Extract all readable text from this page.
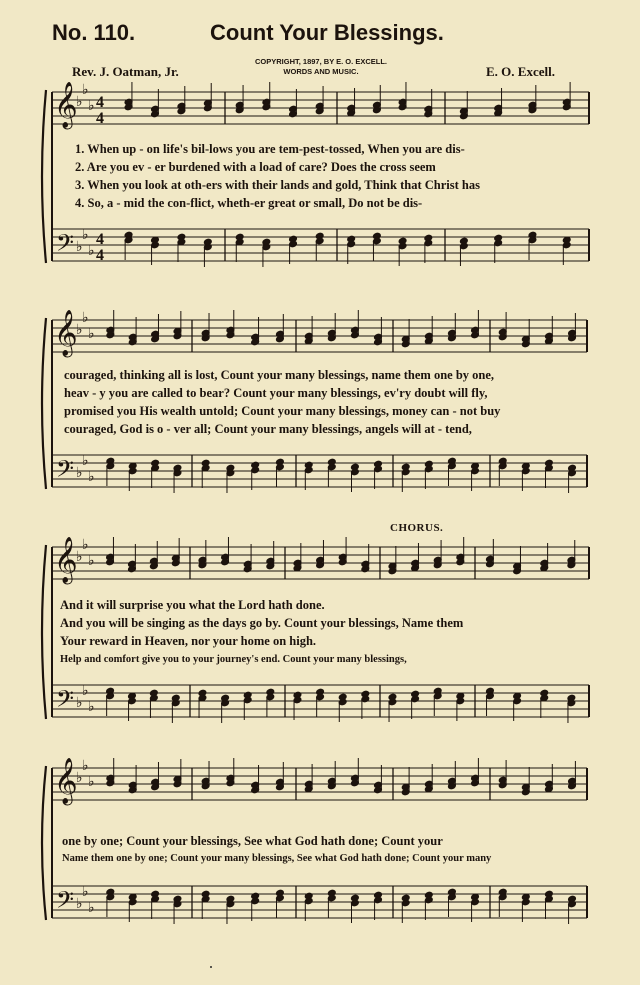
No. 110.	Count Your Blessings.
Rev. J. Oatman, Jr.
COPYRIGHT, 1897, BY E. O. EXCELL.
WORDS AND MUSIC.	E. O. Excell.
𝄞
𝄢
♭
♭
♭
♭
♭
♭
4
4
4
4
𝄞
𝄢
♭
♭
♭
♭
♭
♭
𝄞
𝄢
♭
♭
♭
♭
♭
♭
𝄞
𝄢
♭
♭
♭
♭
♭
♭
1. When up - on life's bil-lows you are tem-pest-tossed, When you are dis-
2. Are you ev - er burdened with a load of care? Does the cross seem
3. When you look at oth-ers with their lands and gold, Think that Christ has
4. So, a - mid the con-flict, wheth-er great or small, Do not be dis-
couraged, thinking all is lost, Count your many blessings, name them one by one,
heav - y you are called to bear? Count your many blessings, ev'ry doubt will fly,
promised you His wealth untold; Count your many blessings, money can - not buy
couraged, God is o - ver all; Count your many blessings, angels will at - tend,
CHORUS.
And it will surprise you what the Lord hath done.
And you will be singing as the days go by. Count your blessings, Name them
Your reward in Heaven, nor your home on high.
Help and comfort give you to your journey's end. Count your many blessings,
one by one; Count your blessings, See what God hath done; Count your
Name them one by one; Count your many blessings, See what God hath done; Count your many
